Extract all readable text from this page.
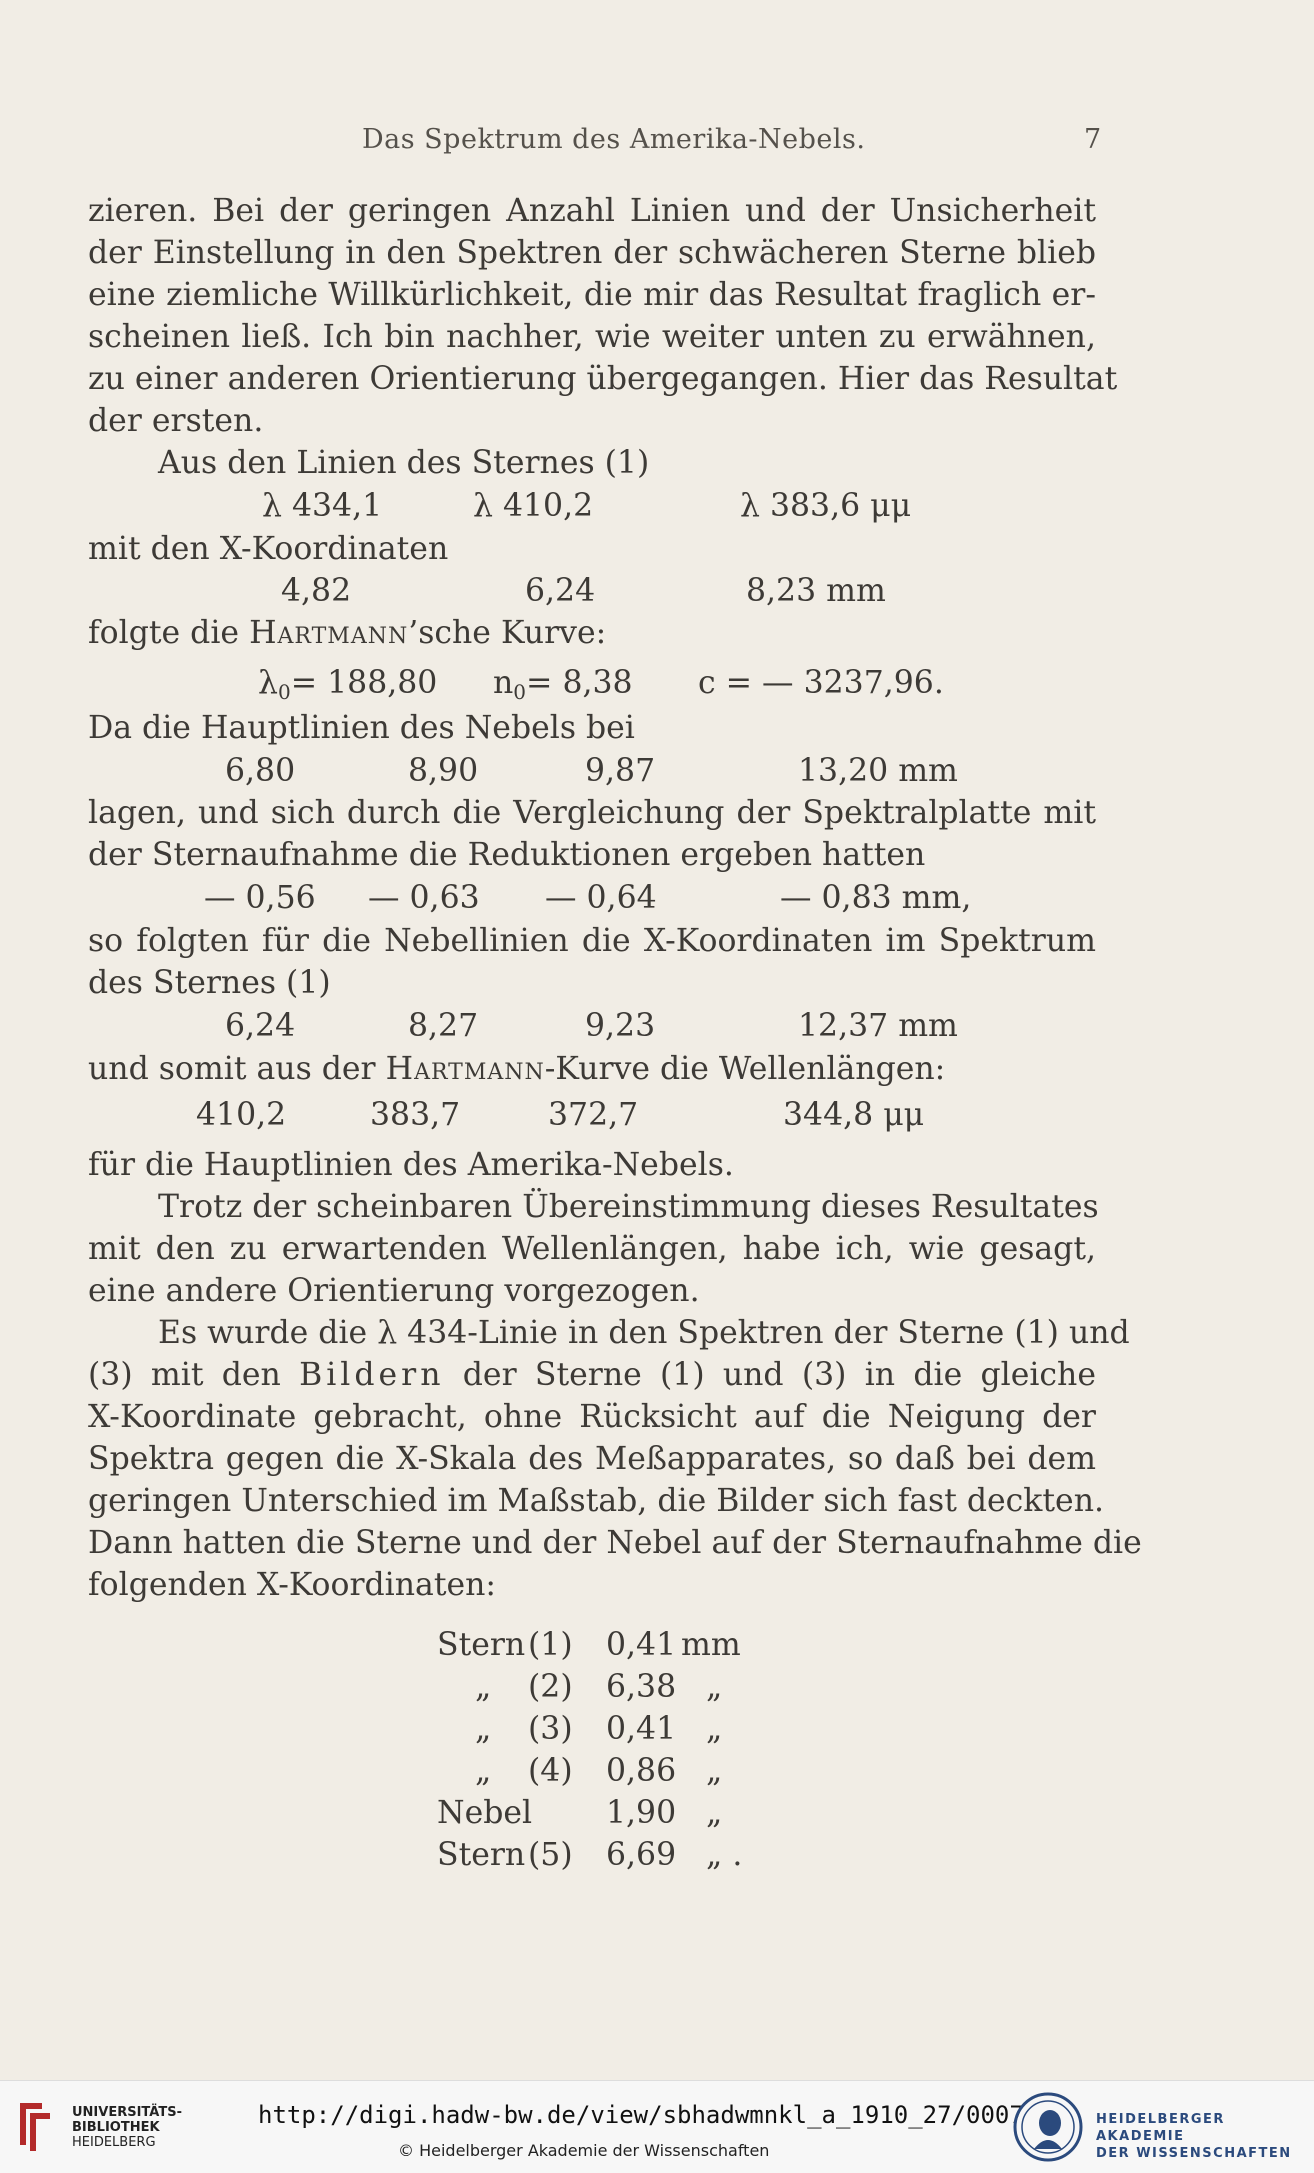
Das Spektrum des Amerika-Nebels.	7
zieren. Bei der geringen Anzahl Linien und der Unsicherheit
der Einstellung in den Spektren der schwächeren Sterne blieb
eine ziemliche Willkürlichkeit, die mir das Resultat fraglich er-
scheinen ließ. Ich bin nachher, wie weiter unten zu erwähnen,
zu einer anderen Orientierung übergegangen. Hier das Resultat
der ersten.
Aus den Linien des Sternes (1)
λ 434,1	λ 410,2	λ 383,6 μμ
mit den X-Koordinaten
4,82	6,24	8,23 mm
folgte die Hartmann’sche Kurve:
$\lambda_0= 188,80$ $n_0= 8,38$ c = — 3237,96.
Da die Hauptlinien des Nebels bei
6,80	8,90	9,87	13,20 mm
lagen, und sich durch die Vergleichung der Spektralplatte mit
der Sternaufnahme die Reduktionen ergeben hatten
— 0,56 — 0,63 — 0,64	— 0,83 mm,
so folgten für die Nebellinien die X-Koordinaten im Spektrum
des Sternes (1)
6,24	8,27	9,23	12,37 mm
und somit aus der Hartmann-Kurve die Wellenlängen:
410,2	383,7	372,7	344,8 μμ
für die Hauptlinien des Amerika-Nebels.
Trotz der scheinbaren Übereinstimmung dieses Resultates
mit den zu erwartenden Wellenlängen, habe ich, wie gesagt,
eine andere Orientierung vorgezogen.
Es wurde die λ 434-Linie in den Spektren der Sterne (1) und
(3) mit den Bildern der Sterne (1) und (3) in die gleiche
X-Koordinate gebracht, ohne Rücksicht auf die Neigung der
Spektra gegen die X-Skala des Meßapparates, so daß bei dem
geringen Unterschied im Maßstab, die Bilder sich fast deckten.
Dann hatten die Sterne und der Nebel auf der Sternaufnahme die
folgenden X-Koordinaten:
Stern (1) 0,41 mm
„ (2) 6,38 „
„ (3) 0,41 „
„ (4) 0,86 „
Nebel 1,90 „
Stern (5) 6,69 „ .
UNIVERSITÄTS-
BIBLIOTHEK
HEIDELBERG
http://digi.hadw-bw.de/view/sbhadwmnkl_a_1910_27/0007
© Heidelberger Akademie der Wissenschaften
HEIDELBERGER AKADEMIE
DER WISSENSCHAFTEN
